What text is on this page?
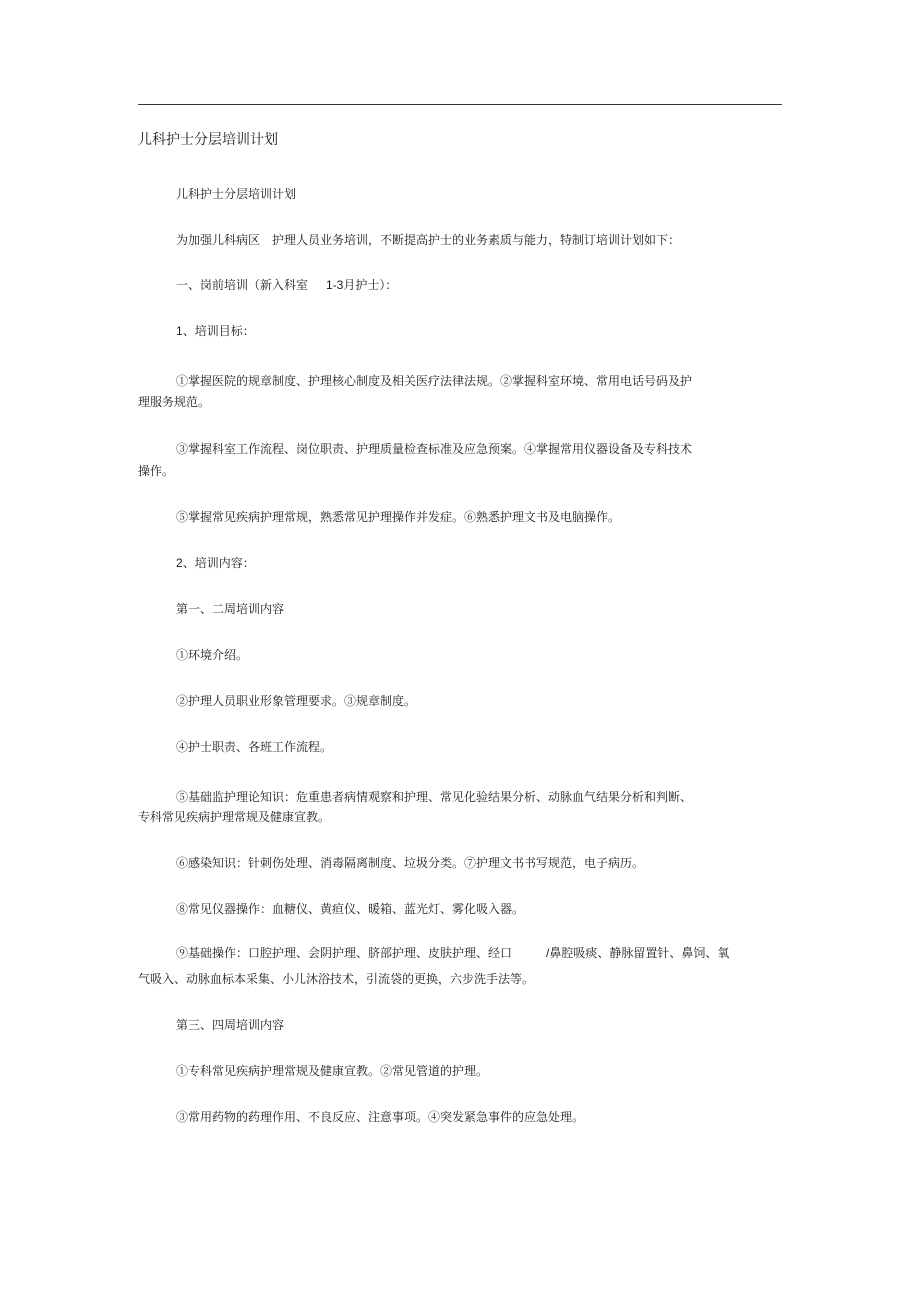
儿科护士分层培训计划
儿科护士分层培训计划
为加强儿科病区 护理人员业务培训，不断提高护士的业务素质与能力，特制订培训计划如下：
一、岗前培训（新入科室 1-3月护士）：
1、培训目标：
①掌握医院的规章制度、护理核心制度及相关医疗法律法规。②掌握科室环境、常用电话号码及护
理服务规范。
③掌握科室工作流程、岗位职责、护理质量检查标准及应急预案。④掌握常用仪器设备及专科技术
操作。
⑤掌握常见疾病护理常规，熟悉常见护理操作并发症。⑥熟悉护理文书及电脑操作。
2、培训内容：
第一、二周培训内容
①环境介绍。
②护理人员职业形象管理要求。③规章制度。
④护士职责、各班工作流程。
⑤基础监护理论知识：危重患者病情观察和护理、常见化验结果分析、动脉血气结果分析和判断、
专科常见疾病护理常规及健康宣教。
⑥感染知识：针刺伤处理、消毒隔离制度、垃圾分类。⑦护理文书书写规范，电子病历。
⑧常见仪器操作：血糖仪、黄疸仪、暖箱、蓝光灯、雾化吸入器。
⑨基础操作：口腔护理、会阴护理、脐部护理、皮肤护理、经口	/鼻腔吸痰、静脉留置针、鼻饲、氧
气吸入、动脉血标本采集、小儿沐浴技术，引流袋的更换，六步洗手法等。
第三、四周培训内容
①专科常见疾病护理常规及健康宣教。②常见管道的护理。
③常用药物的药理作用、不良反应、注意事项。④突发紧急事件的应急处理。
